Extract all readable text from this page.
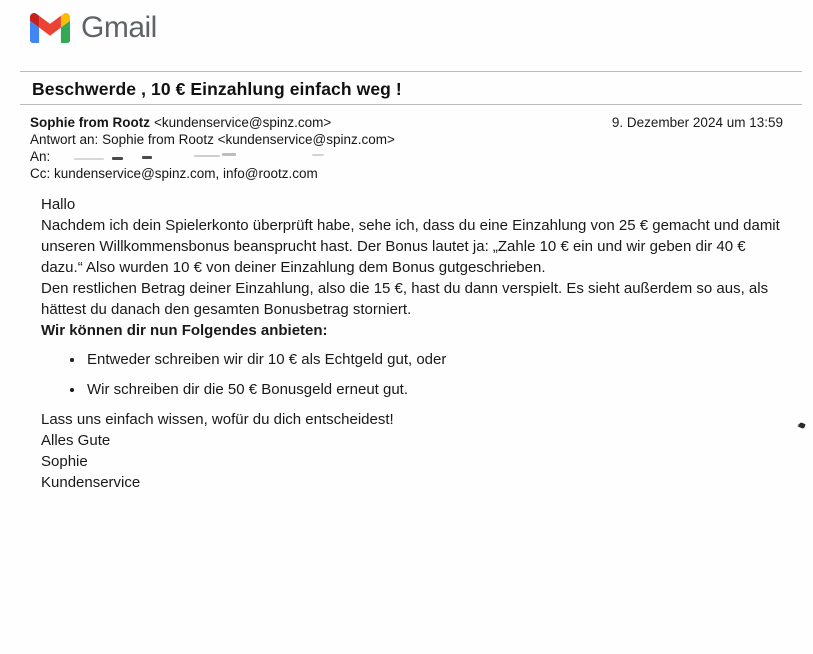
Gmail
Beschwerde , 10 € Einzahlung einfach weg !
Sophie from Rootz <kundenservice@spinz.com>	9. Dezember 2024 um 13:59
Antwort an: Sophie from Rootz <kundenservice@spinz.com>
An:
Cc: kundenservice@spinz.com, info@rootz.com

Hallo

Nachdem ich dein Spielerkonto überprüft habe, sehe ich, dass du eine Einzahlung von 25 € gemacht und damit unseren Willkommensbonus beansprucht hast. Der Bonus lautet ja: „Zahle 10 € ein und wir geben dir 40 € dazu.“ Also wurden 10 € von deiner Einzahlung dem Bonus gutgeschrieben.

Den restlichen Betrag deiner Einzahlung, also die 15 €, hast du dann verspielt. Es sieht außerdem so aus, als hättest du danach den gesamten Bonusbetrag storniert.

Wir können dir nun Folgendes anbieten:

• Entweder schreiben wir dir 10 € als Echtgeld gut, oder
• Wir schreiben dir die 50 € Bonusgeld erneut gut.

Lass uns einfach wissen, wofür du dich entscheidest!

Alles Gute

Sophie

Kundenservice
